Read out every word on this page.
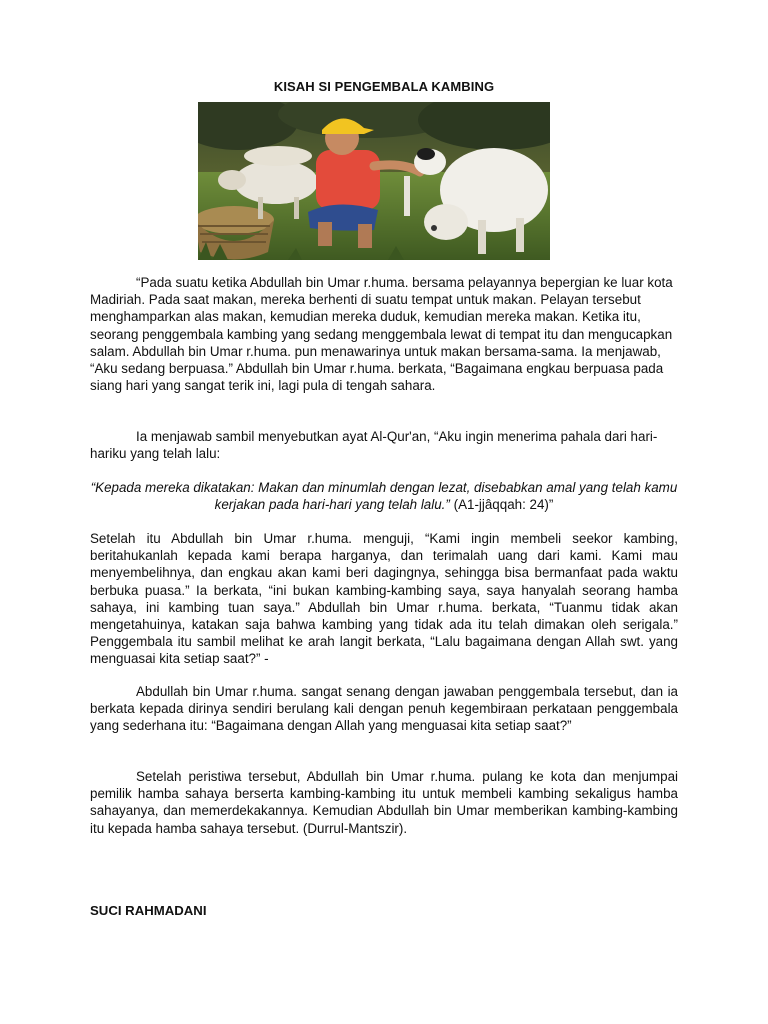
KISAH SI PENGEMBALA KAMBING

“Pada suatu ketika Abdullah bin Umar r.huma. bersama pelayannya bepergian ke luar kota Madiriah. Pada saat makan, mereka berhenti di suatu tempat untuk makan. Pelayan tersebut menghamparkan alas makan, kemudian mereka duduk, kemudian mereka makan. Ketika itu, seorang penggembala kambing yang sedang menggembala lewat di tempat itu dan mengucapkan salam. Abdullah bin Umar r.huma. pun menawarinya untuk makan bersama-sama. Ia menjawab, “Aku sedang berpuasa.” Abdullah bin Umar r.huma. berkata, “Bagaimana engkau berpuasa pada siang hari yang sangat terik ini, lagi pula di tengah sahara.

Ia menjawab sambil menyebutkan ayat Al-Qur'an, “Aku ingin menerima pahala dari hari-hariku yang telah lalu:

“Kepada mereka dikatakan: Makan dan minumlah dengan lezat, disebabkan amal yang telah kamu kerjakan pada hari-hari yang telah lalu.” (A1-jjâqqah: 24)”

Setelah itu Abdullah bin Umar r.huma. menguji, “Kami ingin membeli seekor kambing, beritahukanlah kepada kami berapa harganya, dan terimalah uang dari kami. Kami mau menyembelihnya, dan engkau akan kami beri dagingnya, sehingga bisa bermanfaat pada waktu berbuka puasa.” Ia berkata, “ini bukan kambing-kambing saya, saya hanyalah seorang hamba sahaya, ini kambing tuan saya.” Abdullah bin Umar r.huma. berkata, “Tuanmu tidak akan mengetahuinya, katakan saja bahwa kambing yang tidak ada itu telah dimakan oleh serigala.” Penggembala itu sambil melihat ke arah langit berkata, “Lalu bagaimana dengan Allah swt. yang menguasai kita setiap saat?” -

Abdullah bin Umar r.huma. sangat senang dengan jawaban penggembala tersebut, dan ia berkata kepada dirinya sendiri berulang kali dengan penuh kegembiraan perkataan penggembala yang sederhana itu: “Bagaimana dengan Allah yang menguasai kita setiap saat?”

Setelah peristiwa tersebut, Abdullah bin Umar r.huma. pulang ke kota dan menjumpai pemilik hamba sahaya berserta kambing-kambing itu untuk membeli kambing sekaligus hamba sahayanya, dan memerdekakannya. Kemudian Abdullah bin Umar memberikan kambing-kambing itu kepada hamba sahaya tersebut. (Durrul-Mantszir).

SUCI RAHMADANI
